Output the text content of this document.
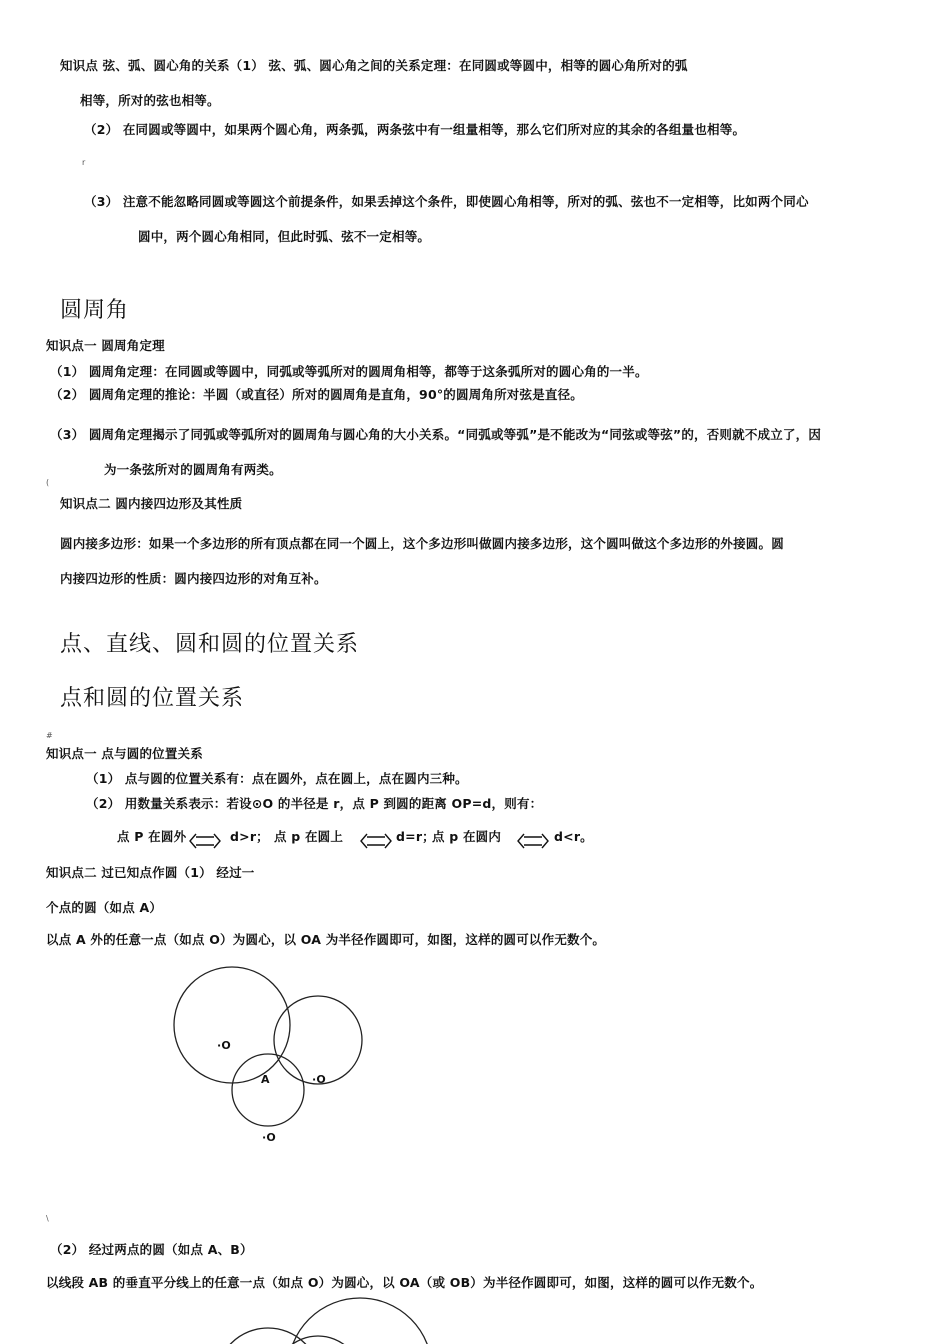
知识点 弦、弧、圆心角的关系（1） 弦、弧、圆心角之间的关系定理：在同圆或等圆中，相等的圆心角所对的弧
相等，所对的弦也相等。
（2） 在同圆或等圆中，如果两个圆心角，两条弧，两条弦中有一组量相等，那么它们所对应的其余的各组量也相等。
r
（3） 注意不能忽略同圆或等圆这个前提条件，如果丢掉这个条件，即使圆心角相等，所对的弧、弦也不一定相等，比如两个同心
圆中，两个圆心角相同，但此时弧、弦不一定相等。
圆周角
知识点一 圆周角定理
（1） 圆周角定理：在同圆或等圆中，同弧或等弧所对的圆周角相等，都等于这条弧所对的圆心角的一半。
（2） 圆周角定理的推论：半圆（或直径）所对的圆周角是直角，90°的圆周角所对弦是直径。
（3） 圆周角定理揭示了同弧或等弧所对的圆周角与圆心角的大小关系。“同弧或等弧”是不能改为“同弦或等弦”的，否则就不成立了，因
为一条弦所对的圆周角有两类。
(
知识点二 圆内接四边形及其性质
圆内接多边形：如果一个多边形的所有顶点都在同一个圆上，这个多边形叫做圆内接多边形，这个圆叫做这个多边形的外接圆。圆
内接四边形的性质：圆内接四边形的对角互补。
点、直线、圆和圆的位置关系
点和圆的位置关系
#
知识点一 点与圆的位置关系
（1） 点与圆的位置关系有：点在圆外，点在圆上，点在圆内三种。
（2） 用数量关系表示：若设⊙O 的半径是 r，点 P 到圆的距离 OP=d，则有：
点 P 在圆外	d>r； 点 p 在圆上	d=r；
点 p 在圆内	d<r。
知识点二 过已知点作圆（1） 经过一
个点的圆（如点 A）
以点 A 外的任意一点（如点 O）为圆心，以 OA 为半径作圆即可，如图，这样的圆可以作无数个。
·O
A	·O
·O
\
（2） 经过两点的圆（如点 A、B）
以线段 AB 的垂直平分线上的任意一点（如点 O）为圆心，以 OA（或 OB）为半径作圆即可，如图，这样的圆可以作无数个。
